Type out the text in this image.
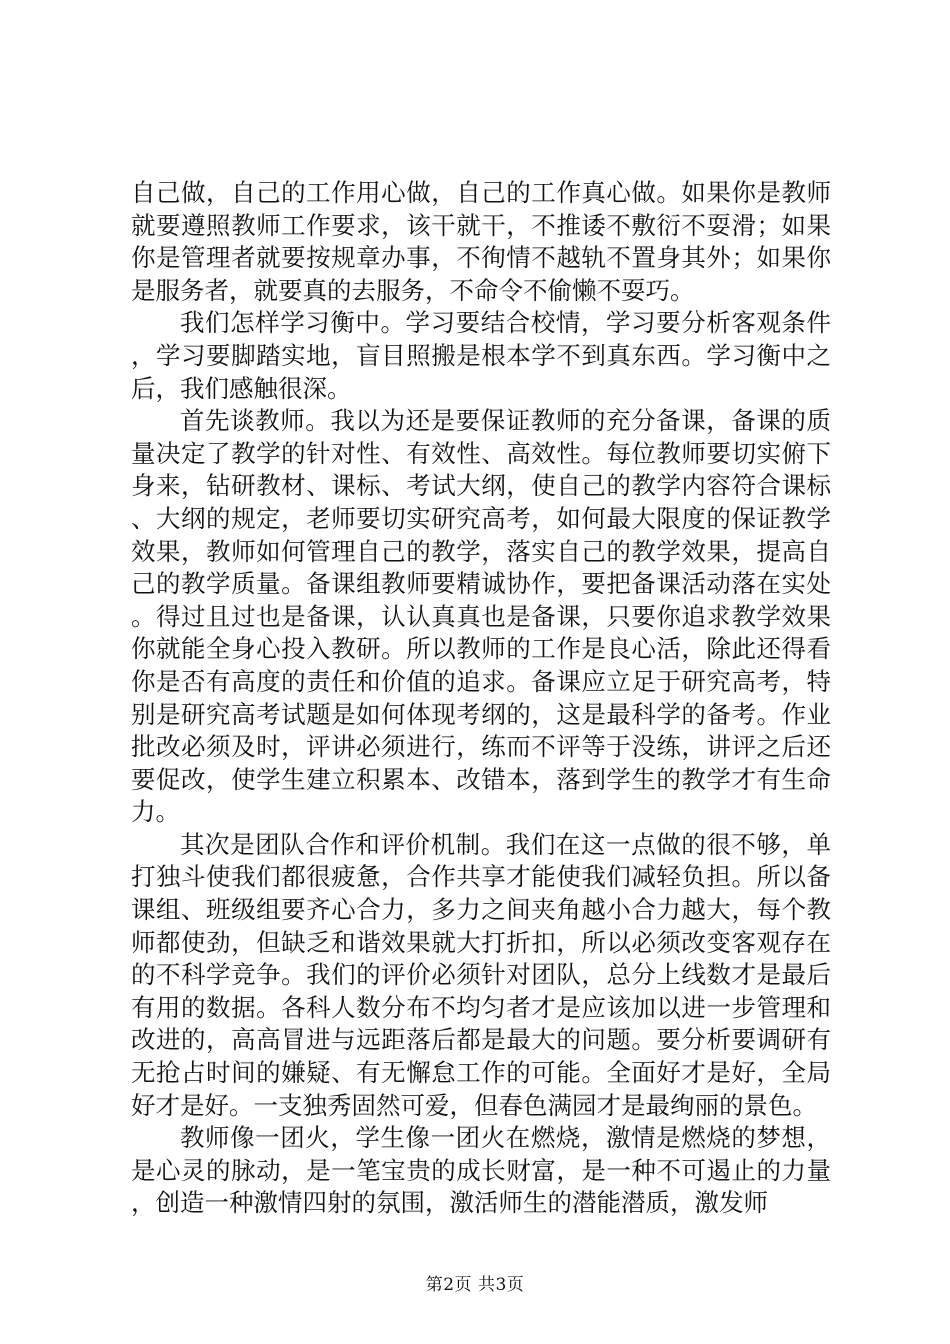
自己做，自己的工作用心做，自己的工作真心做。如果你是教师就要遵照教师工作要求，该干就干，不推诿不敷衍不耍滑；如果你是管理者就要按规章办事，不徇情不越轨不置身其外；如果你是服务者，就要真的去服务，不命令不偷懒不耍巧。

我们怎样学习衡中。学习要结合校情，学习要分析客观条件，学习要脚踏实地，盲目照搬是根本学不到真东西。学习衡中之后，我们感触很深。

首先谈教师。我以为还是要保证教师的充分备课，备课的质量决定了教学的针对性、有效性、高效性。每位教师要切实俯下身来，钻研教材、课标、考试大纲，使自己的教学内容符合课标、大纲的规定，老师要切实研究高考，如何最大限度的保证教学效果，教师如何管理自己的教学，落实自己的教学效果，提高自己的教学质量。备课组教师要精诚协作，要把备课活动落在实处。得过且过也是备课，认认真真也是备课，只要你追求教学效果你就能全身心投入教研。所以教师的工作是良心活，除此还得看你是否有高度的责任和价值的追求。备课应立足于研究高考，特别是研究高考试题是如何体现考纲的，这是最科学的备考。作业批改必须及时，评讲必须进行，练而不评等于没练，讲评之后还要促改，使学生建立积累本、改错本，落到学生的教学才有生命力。

其次是团队合作和评价机制。我们在这一点做的很不够，单打独斗使我们都很疲惫，合作共享才能使我们减轻负担。所以备课组、班级组要齐心合力，多力之间夹角越小合力越大，每个教师都使劲，但缺乏和谐效果就大打折扣，所以必须改变客观存在的不科学竞争。我们的评价必须针对团队，总分上线数才是最后有用的数据。各科人数分布不均匀者才是应该加以进一步管理和改进的，高高冒进与远距落后都是最大的问题。要分析要调研有无抢占时间的嫌疑、有无懈怠工作的可能。全面好才是好，全局好才是好。一支独秀固然可爱，但春色满园才是最绚丽的景色。

教师像一团火，学生像一团火在燃烧，激情是燃烧的梦想，是心灵的脉动，是一笔宝贵的成长财富，是一种不可遏止的力量，创造一种激情四射的氛围，激活师生的潜能潜质，激发师

第2页 共3页
